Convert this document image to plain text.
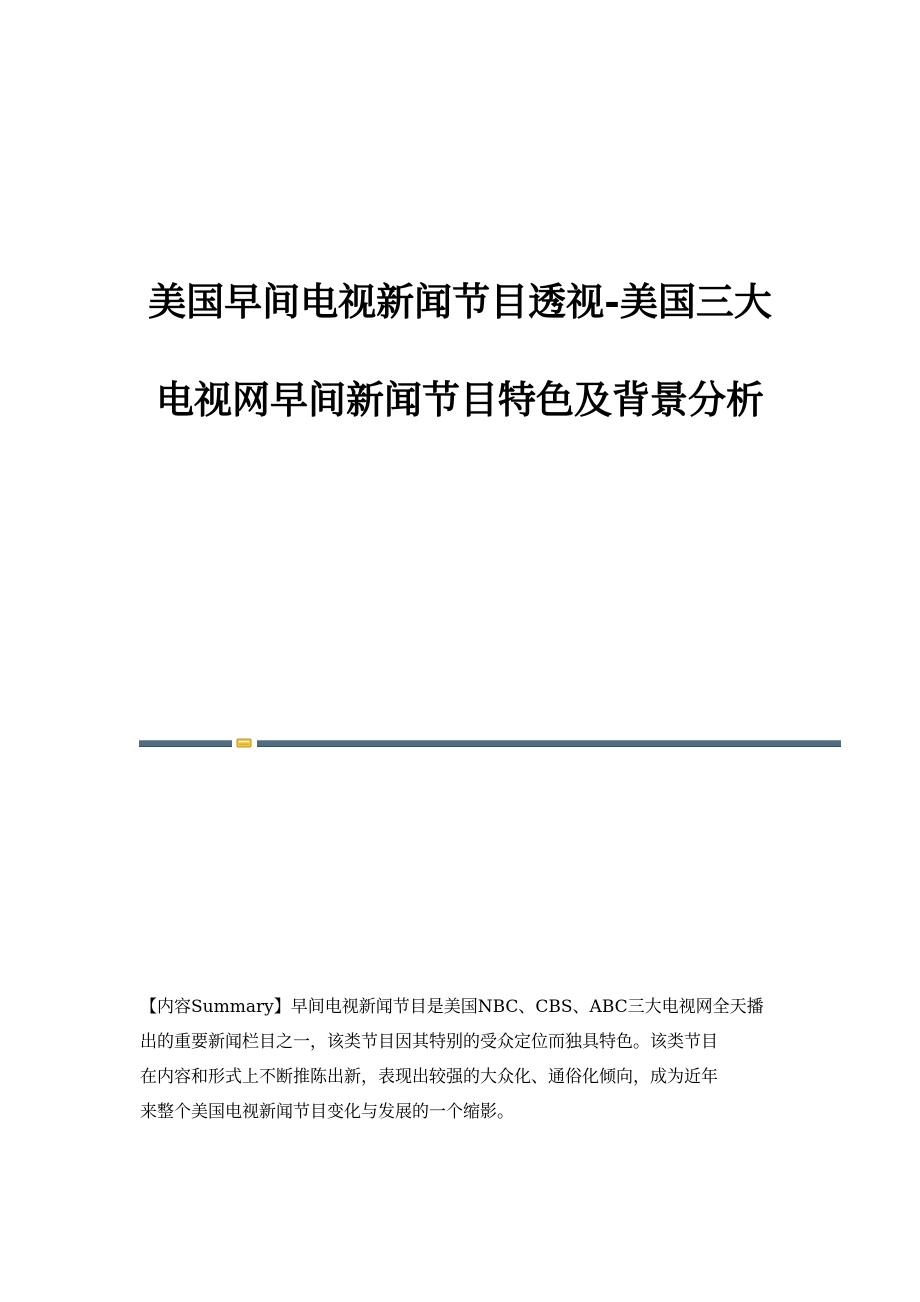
美国早间电视新闻节目透视-美国三大
电视网早间新闻节目特色及背景分析
【内容Summary】早间电视新闻节目是美国NBC、CBS、ABC三大电视网全天播
出的重要新闻栏目之一，该类节目因其特别的受众定位而独具特色。该类节目
在内容和形式上不断推陈出新，表现出较强的大众化、通俗化倾向，成为近年
来整个美国电视新闻节目变化与发展的一个缩影。
